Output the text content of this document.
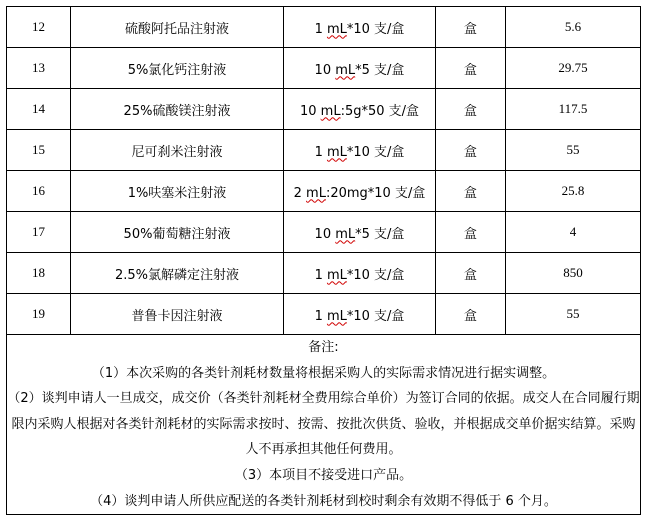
12	硫酸阿托品注射液	1 mL*10 支/盒	盒	5.6
13	5%氯化钙注射液	10 mL*5 支/盒	盒	29.75
14	25%硫酸镁注射液	10 mL:5g*50 支/盒	盒	117.5
15	尼可刹米注射液	1 mL*10 支/盒	盒	55
16	1%呋塞米注射液	2 mL:20mg*10 支/盒	盒	25.8
17	50%葡萄糖注射液	10 mL*5 支/盒	盒	4
18	2.5%氯解磷定注射液	1 mL*10 支/盒	盒	850
19	普鲁卡因注射液	1 mL*10 支/盒	盒	55

备注:

（1）本次采购的各类针剂耗材数量将根据采购人的实际需求情况进行据实调整。

（2）谈判申请人一旦成交，成交价（各类针剂耗材全费用综合单价）为签订合同的依据。成交人在合同履行期限内采购人根据对各类针剂耗材的实际需求按时、按需、按批次供货、验收，并根据成交单价据实结算。采购人不再承担其他任何费用。

（3）本项目不接受进口产品。

（4）谈判申请人所供应配送的各类针剂耗材到校时剩余有效期不得低于 6 个月。				
